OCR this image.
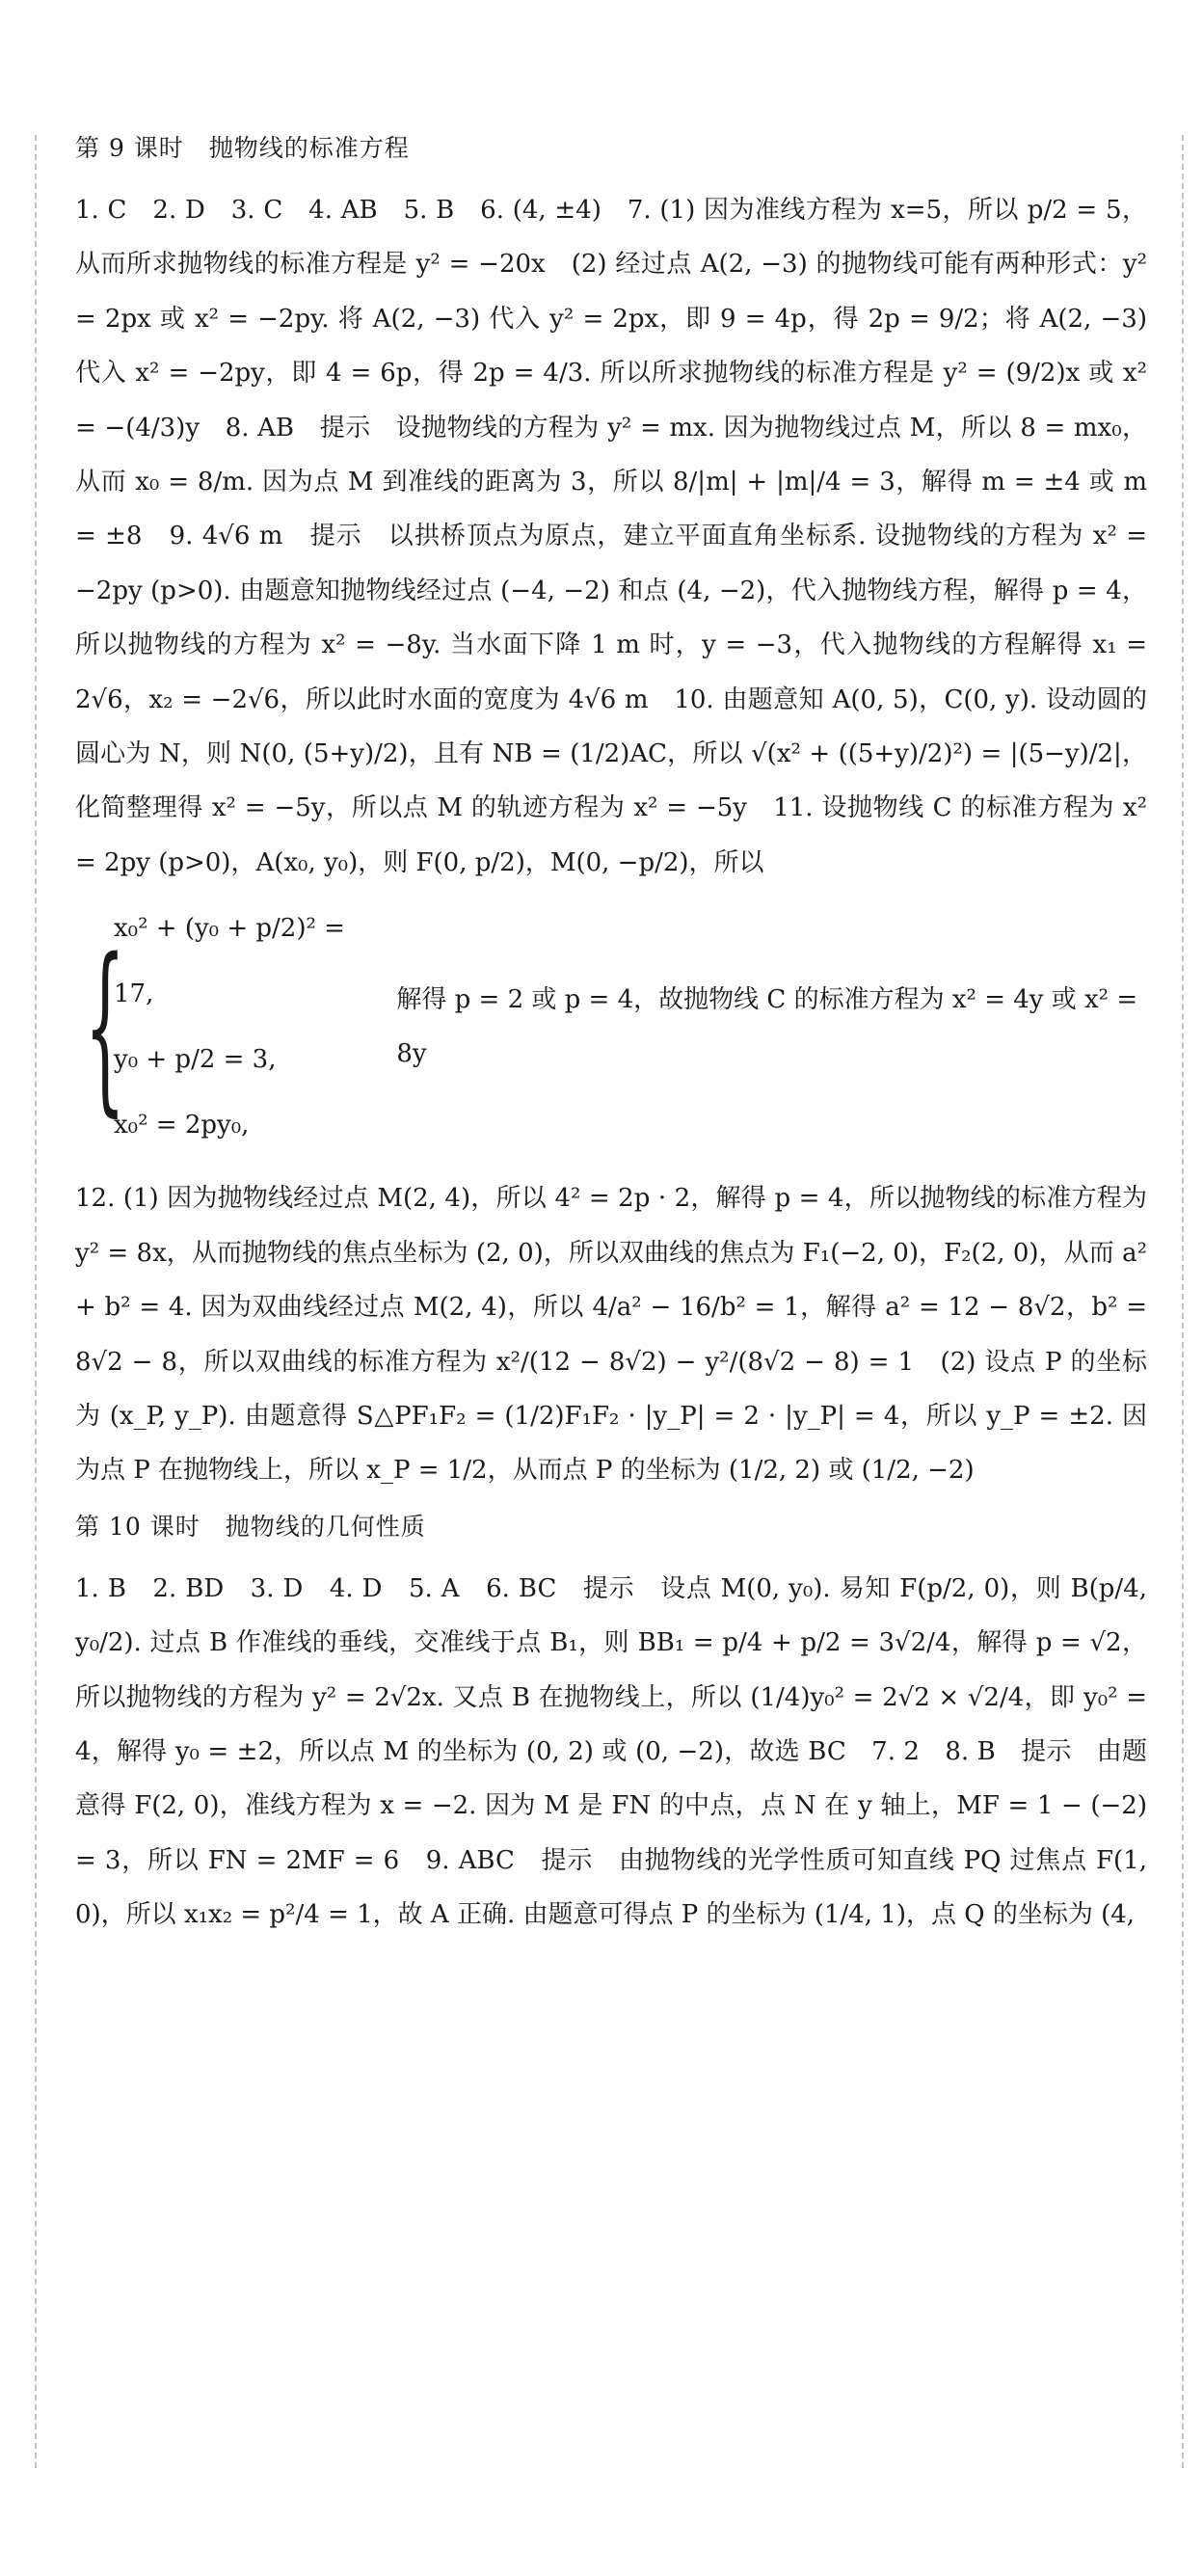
第 9 课时　抛物线的标准方程

1. C　2. D　3. C　4. AB　5. B　6. (4, ±4)　7. (1) 因为准线方程为 x=5，所以 p/2 = 5，从而所求抛物线的标准方程是 y² = −20x　(2) 经过点 A(2, −3) 的抛物线可能有两种形式：y² = 2px 或 x² = −2py. 将 A(2, −3) 代入 y² = 2px，即 9 = 4p，得 2p = 9/2；将 A(2, −3) 代入 x² = −2py，即 4 = 6p，得 2p = 4/3. 所以所求抛物线的标准方程是 y² = (9/2)x 或 x² = −(4/3)y　8. AB　提示　设抛物线的方程为 y² = mx. 因为抛物线过点 M，所以 8 = mx₀，从而 x₀ = 8/m. 因为点 M 到准线的距离为 3，所以 8/|m| + |m|/4 = 3，解得 m = ±4 或 m = ±8　9. 4√6 m　提示　以拱桥顶点为原点，建立平面直角坐标系. 设抛物线的方程为 x² = −2py (p>0). 由题意知抛物线经过点 (−4, −2) 和点 (4, −2)，代入抛物线方程，解得 p = 4，所以抛物线的方程为 x² = −8y. 当水面下降 1 m 时，y = −3，代入抛物线的方程解得 x₁ = 2√6，x₂ = −2√6，所以此时水面的宽度为 4√6 m　10. 由题意知 A(0, 5)，C(0, y). 设动圆的圆心为 N，则 N(0, (5+y)/2)，且有 NB = (1/2)AC，所以 √(x² + ((5+y)/2)²) = |(5−y)/2|，化简整理得 x² = −5y，所以点 M 的轨迹方程为 x² = −5y　11. 设抛物线 C 的标准方程为 x² = 2py (p>0)，A(x₀, y₀)，则 F(0, p/2)，M(0, −p/2)，所以

{
x₀² + (y₀ + p/2)² = 17,
y₀ + p/2 = 3,
x₀² = 2py₀,
解得 p = 2 或 p = 4，故抛物线 C 的标准方程为 x² = 4y 或 x² = 8y

12. (1) 因为抛物线经过点 M(2, 4)，所以 4² = 2p · 2，解得 p = 4，所以抛物线的标准方程为 y² = 8x，从而抛物线的焦点坐标为 (2, 0)，所以双曲线的焦点为 F₁(−2, 0)，F₂(2, 0)，从而 a² + b² = 4. 因为双曲线经过点 M(2, 4)，所以 4/a² − 16/b² = 1，解得 a² = 12 − 8√2，b² = 8√2 − 8，所以双曲线的标准方程为 x²/(12 − 8√2) − y²/(8√2 − 8) = 1　(2) 设点 P 的坐标为 (x_P, y_P). 由题意得 S△PF₁F₂ = (1/2)F₁F₂ · |y_P| = 2 · |y_P| = 4，所以 y_P = ±2. 因为点 P 在抛物线上，所以 x_P = 1/2，从而点 P 的坐标为 (1/2, 2) 或 (1/2, −2)

第 10 课时　抛物线的几何性质

1. B　2. BD　3. D　4. D　5. A　6. BC　提示　设点 M(0, y₀). 易知 F(p/2, 0)，则 B(p/4, y₀/2). 过点 B 作准线的垂线，交准线于点 B₁，则 BB₁ = p/4 + p/2 = 3√2/4，解得 p = √2，所以抛物线的方程为 y² = 2√2x. 又点 B 在抛物线上，所以 (1/4)y₀² = 2√2 × √2/4，即 y₀² = 4，解得 y₀ = ±2，所以点 M 的坐标为 (0, 2) 或 (0, −2)，故选 BC　7. 2　8. B　提示　由题意得 F(2, 0)，准线方程为 x = −2. 因为 M 是 FN 的中点，点 N 在 y 轴上，MF = 1 − (−2) = 3，所以 FN = 2MF = 6　9. ABC　提示　由抛物线的光学性质可知直线 PQ 过焦点 F(1, 0)，所以 x₁x₂ = p²/4 = 1，故 A 正确. 由题意可得点 P 的坐标为 (1/4, 1)，点 Q 的坐标为 (4,
